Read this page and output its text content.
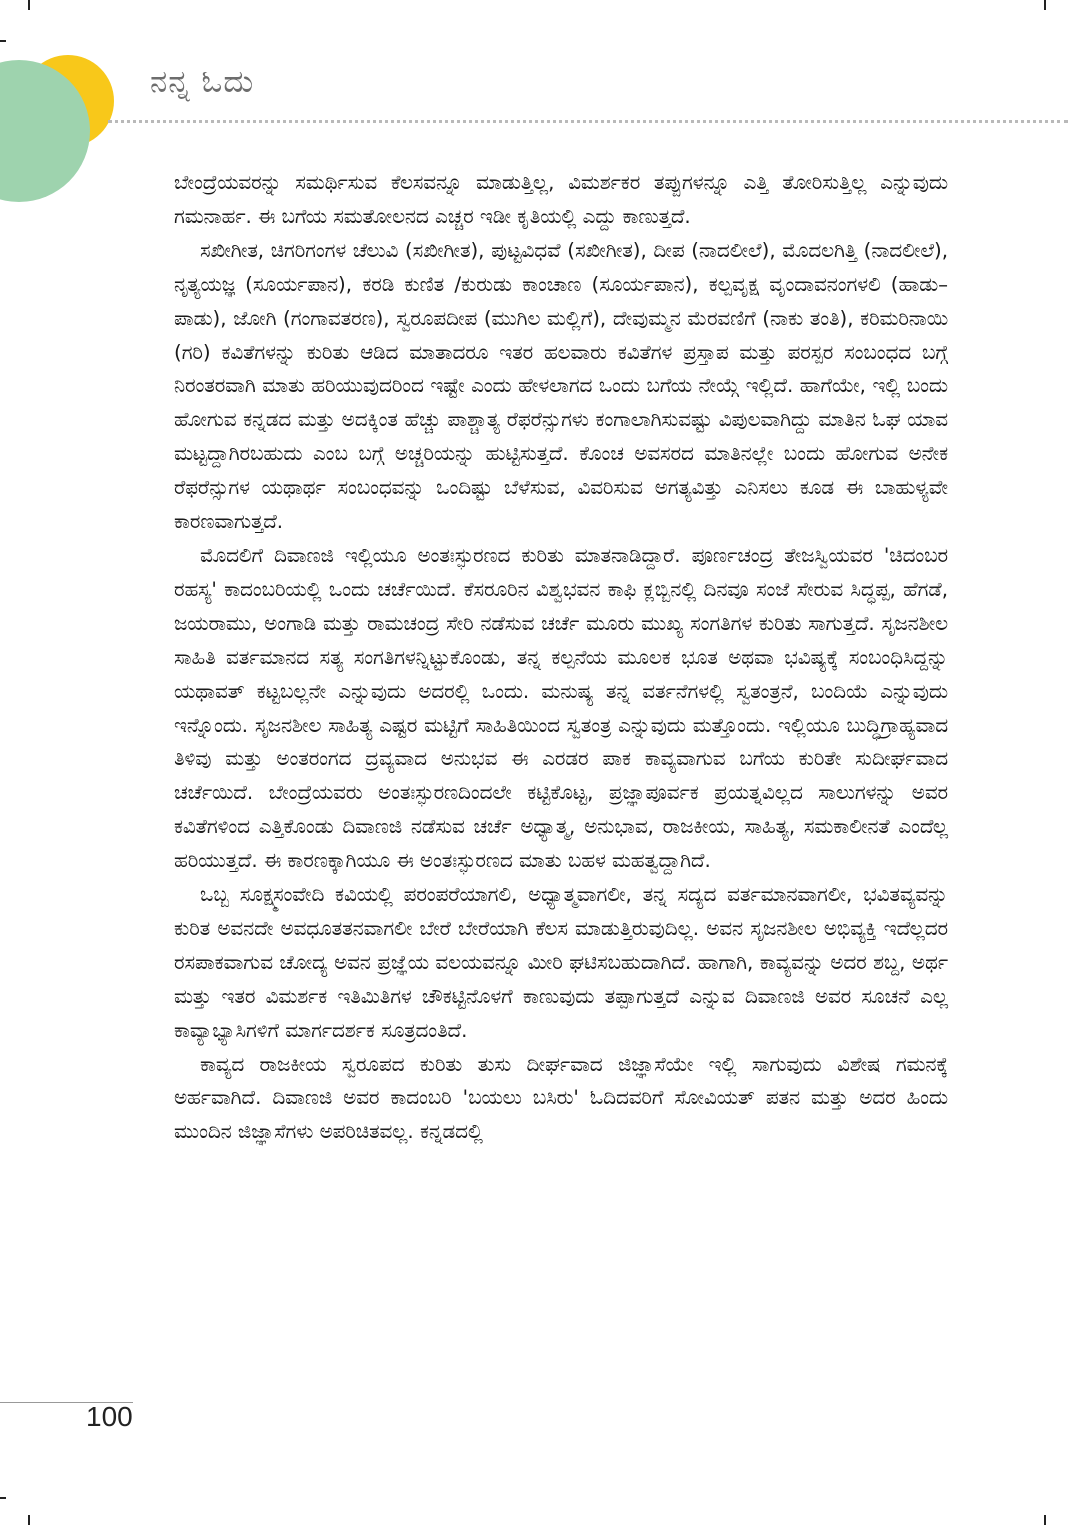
ನನ್ನ ಓದು

ಬೇಂದ್ರೆಯವರನ್ನು ಸಮರ್ಥಿಸುವ ಕೆಲಸವನ್ನೂ ಮಾಡುತ್ತಿಲ್ಲ, ವಿಮರ್ಶಕರ ತಪ್ಪುಗಳನ್ನೂ ಎತ್ತಿ ತೋರಿಸುತ್ತಿಲ್ಲ ಎನ್ನುವುದು ಗಮನಾರ್ಹ. ಈ ಬಗೆಯ ಸಮತೋಲನದ ಎಚ್ಚರ ಇಡೀ ಕೃತಿಯಲ್ಲಿ ಎದ್ದು ಕಾಣುತ್ತದೆ.

ಸಖೀಗೀತ, ಚಿಗರಿಗಂಗಳ ಚೆಲುವಿ (ಸಖೀಗೀತ), ಪುಟ್ಟವಿಧವೆ (ಸಖೀಗೀತ), ದೀಪ (ನಾದಲೀಲೆ), ಮೊದಲಗಿತ್ತಿ (ನಾದಲೀಲೆ), ನೃತ್ಯಯಜ್ಞ (ಸೂರ್ಯಪಾನ), ಕರಡಿ ಕುಣಿತ /ಕುರುಡು ಕಾಂಚಾಣ (ಸೂರ್ಯಪಾನ), ಕಲ್ಪವೃಕ್ಷ ವೃಂದಾವನಂಗಳಲಿ (ಹಾಡು–ಪಾಡು), ಜೋಗಿ (ಗಂಗಾವತರಣ), ಸ್ವರೂಪದೀಪ (ಮುಗಿಲ ಮಲ್ಲಿಗೆ), ದೇವುಮ್ಮನ ಮೆರವಣಿಗೆ (ನಾಕು ತಂತಿ), ಕರಿಮರಿನಾಯಿ (ಗರಿ) ಕವಿತೆಗಳನ್ನು ಕುರಿತು ಆಡಿದ ಮಾತಾದರೂ ಇತರ ಹಲವಾರು ಕವಿತೆಗಳ ಪ್ರಸ್ತಾಪ ಮತ್ತು ಪರಸ್ಪರ ಸಂಬಂಧದ ಬಗ್ಗೆ ನಿರಂತರವಾಗಿ ಮಾತು ಹರಿಯುವುದರಿಂದ ಇಷ್ಟೇ ಎಂದು ಹೇಳಲಾಗದ ಒಂದು ಬಗೆಯ ನೇಯ್ಗೆ ಇಲ್ಲಿದೆ. ಹಾಗೆಯೇ, ಇಲ್ಲಿ ಬಂದು ಹೋಗುವ ಕನ್ನಡದ ಮತ್ತು ಅದಕ್ಕಿಂತ ಹೆಚ್ಚು ಪಾಶ್ಚಾತ್ಯ ರೆಫರೆನ್ಸುಗಳು ಕಂಗಾಲಾಗಿಸುವಷ್ಟು ವಿಪುಲವಾಗಿದ್ದು ಮಾತಿನ ಓಘ ಯಾವ ಮಟ್ಟದ್ದಾಗಿರಬಹುದು ಎಂಬ ಬಗ್ಗೆ ಅಚ್ಚರಿಯನ್ನು ಹುಟ್ಟಿಸುತ್ತದೆ. ಕೊಂಚ ಅವಸರದ ಮಾತಿನಲ್ಲೇ ಬಂದು ಹೋಗುವ ಅನೇಕ ರೆಫರೆನ್ಸುಗಳ ಯಥಾರ್ಥ ಸಂಬಂಧವನ್ನು ಒಂದಿಷ್ಟು ಬೆಳೆಸುವ, ವಿವರಿಸುವ ಅಗತ್ಯವಿತ್ತು ಎನಿಸಲು ಕೂಡ ಈ ಬಾಹುಳ್ಯವೇ ಕಾರಣವಾಗುತ್ತದೆ.

ಮೊದಲಿಗೆ ದಿವಾಣಜಿ ಇಲ್ಲಿಯೂ ಅಂತಃಸ್ಫುರಣದ ಕುರಿತು ಮಾತನಾಡಿದ್ದಾರೆ. ಪೂರ್ಣಚಂದ್ರ ತೇಜಸ್ವಿಯವರ 'ಚಿದಂಬರ ರಹಸ್ಯ' ಕಾದಂಬರಿಯಲ್ಲಿ ಒಂದು ಚರ್ಚೆಯಿದೆ. ಕೆಸರೂರಿನ ವಿಶ್ವಭವನ ಕಾಫಿ ಕ್ಲಬ್ಬಿನಲ್ಲಿ ದಿನವೂ ಸಂಜೆ ಸೇರುವ ಸಿದ್ಧಪ್ಪ, ಹೆಗಡೆ, ಜಯರಾಮು, ಅಂಗಾಡಿ ಮತ್ತು ರಾಮಚಂದ್ರ ಸೇರಿ ನಡೆಸುವ ಚರ್ಚೆ ಮೂರು ಮುಖ್ಯ ಸಂಗತಿಗಳ ಕುರಿತು ಸಾಗುತ್ತದೆ. ಸೃಜನಶೀಲ ಸಾಹಿತಿ ವರ್ತಮಾನದ ಸತ್ಯ ಸಂಗತಿಗಳನ್ನಿಟ್ಟುಕೊಂಡು, ತನ್ನ ಕಲ್ಪನೆಯ ಮೂಲಕ ಭೂತ ಅಥವಾ ಭವಿಷ್ಯಕ್ಕೆ ಸಂಬಂಧಿಸಿದ್ದನ್ನು ಯಥಾವತ್ ಕಟ್ಟಬಲ್ಲನೇ ಎನ್ನುವುದು ಅದರಲ್ಲಿ ಒಂದು. ಮನುಷ್ಯ ತನ್ನ ವರ್ತನೆಗಳಲ್ಲಿ ಸ್ವತಂತ್ರನೆ, ಬಂದಿಯೆ ಎನ್ನುವುದು ಇನ್ನೊಂದು. ಸೃಜನಶೀಲ ಸಾಹಿತ್ಯ ಎಷ್ಟರ ಮಟ್ಟಿಗೆ ಸಾಹಿತಿಯಿಂದ ಸ್ವತಂತ್ರ ಎನ್ನುವುದು ಮತ್ತೊಂದು. ಇಲ್ಲಿಯೂ ಬುದ್ಧಿಗ್ರಾಹ್ಯವಾದ ತಿಳಿವು ಮತ್ತು ಅಂತರಂಗದ ದ್ರವ್ಯವಾದ ಅನುಭವ ಈ ಎರಡರ ಪಾಕ ಕಾವ್ಯವಾಗುವ ಬಗೆಯ ಕುರಿತೇ ಸುದೀರ್ಘವಾದ ಚರ್ಚೆಯಿದೆ. ಬೇಂದ್ರೆಯವರು ಅಂತಃಸ್ಫುರಣದಿಂದಲೇ ಕಟ್ಟಿಕೊಟ್ಟ, ಪ್ರಜ್ಞಾಪೂರ್ವಕ ಪ್ರಯತ್ನವಿಲ್ಲದ ಸಾಲುಗಳನ್ನು ಅವರ ಕವಿತೆಗಳಿಂದ ಎತ್ತಿಕೊಂಡು ದಿವಾಣಜಿ ನಡೆಸುವ ಚರ್ಚೆ ಅಧ್ಯಾತ್ಮ, ಅನುಭಾವ, ರಾಜಕೀಯ, ಸಾಹಿತ್ಯ, ಸಮಕಾಲೀನತೆ ಎಂದೆಲ್ಲ ಹರಿಯುತ್ತದೆ. ಈ ಕಾರಣಕ್ಕಾಗಿಯೂ ಈ ಅಂತಃಸ್ಫುರಣದ ಮಾತು ಬಹಳ ಮಹತ್ವದ್ದಾಗಿದೆ.

ಒಬ್ಬ ಸೂಕ್ಷ್ಮಸಂವೇದಿ ಕವಿಯಲ್ಲಿ ಪರಂಪರೆಯಾಗಲಿ, ಅಧ್ಯಾತ್ಮವಾಗಲೀ, ತನ್ನ ಸದ್ಯದ ವರ್ತಮಾನವಾಗಲೀ, ಭವಿತವ್ಯವನ್ನು ಕುರಿತ ಅವನದೇ ಅವಧೂತತನವಾಗಲೀ ಬೇರೆ ಬೇರೆಯಾಗಿ ಕೆಲಸ ಮಾಡುತ್ತಿರುವುದಿಲ್ಲ. ಅವನ ಸೃಜನಶೀಲ ಅಭಿವ್ಯಕ್ತಿ ಇದೆಲ್ಲದರ ರಸಪಾಕವಾಗುವ ಚೋದ್ಯ ಅವನ ಪ್ರಜ್ಞೆಯ ವಲಯವನ್ನೂ ಮೀರಿ ಘಟಿಸಬಹುದಾಗಿದೆ. ಹಾಗಾಗಿ, ಕಾವ್ಯವನ್ನು ಅದರ ಶಬ್ದ, ಅರ್ಥ ಮತ್ತು ಇತರ ವಿಮರ್ಶಕ ಇತಿಮಿತಿಗಳ ಚೌಕಟ್ಟಿನೊಳಗೆ ಕಾಣುವುದು ತಪ್ಪಾಗುತ್ತದೆ ಎನ್ನುವ ದಿವಾಣಜಿ ಅವರ ಸೂಚನೆ ಎಲ್ಲ ಕಾವ್ಯಾಭ್ಯಾಸಿಗಳಿಗೆ ಮಾರ್ಗದರ್ಶಕ ಸೂತ್ರದಂತಿದೆ.

ಕಾವ್ಯದ ರಾಜಕೀಯ ಸ್ವರೂಪದ ಕುರಿತು ತುಸು ದೀರ್ಘವಾದ ಜಿಜ್ಞಾಸೆಯೇ ಇಲ್ಲಿ ಸಾಗುವುದು ವಿಶೇಷ ಗಮನಕ್ಕೆ ಅರ್ಹವಾಗಿದೆ. ದಿವಾಣಜಿ ಅವರ ಕಾದಂಬರಿ 'ಬಯಲು ಬಸಿರು' ಓದಿದವರಿಗೆ ಸೋವಿಯತ್ ಪತನ ಮತ್ತು ಅದರ ಹಿಂದು ಮುಂದಿನ ಜಿಜ್ಞಾಸೆಗಳು ಅಪರಿಚಿತವಲ್ಲ. ಕನ್ನಡದಲ್ಲಿ

100
